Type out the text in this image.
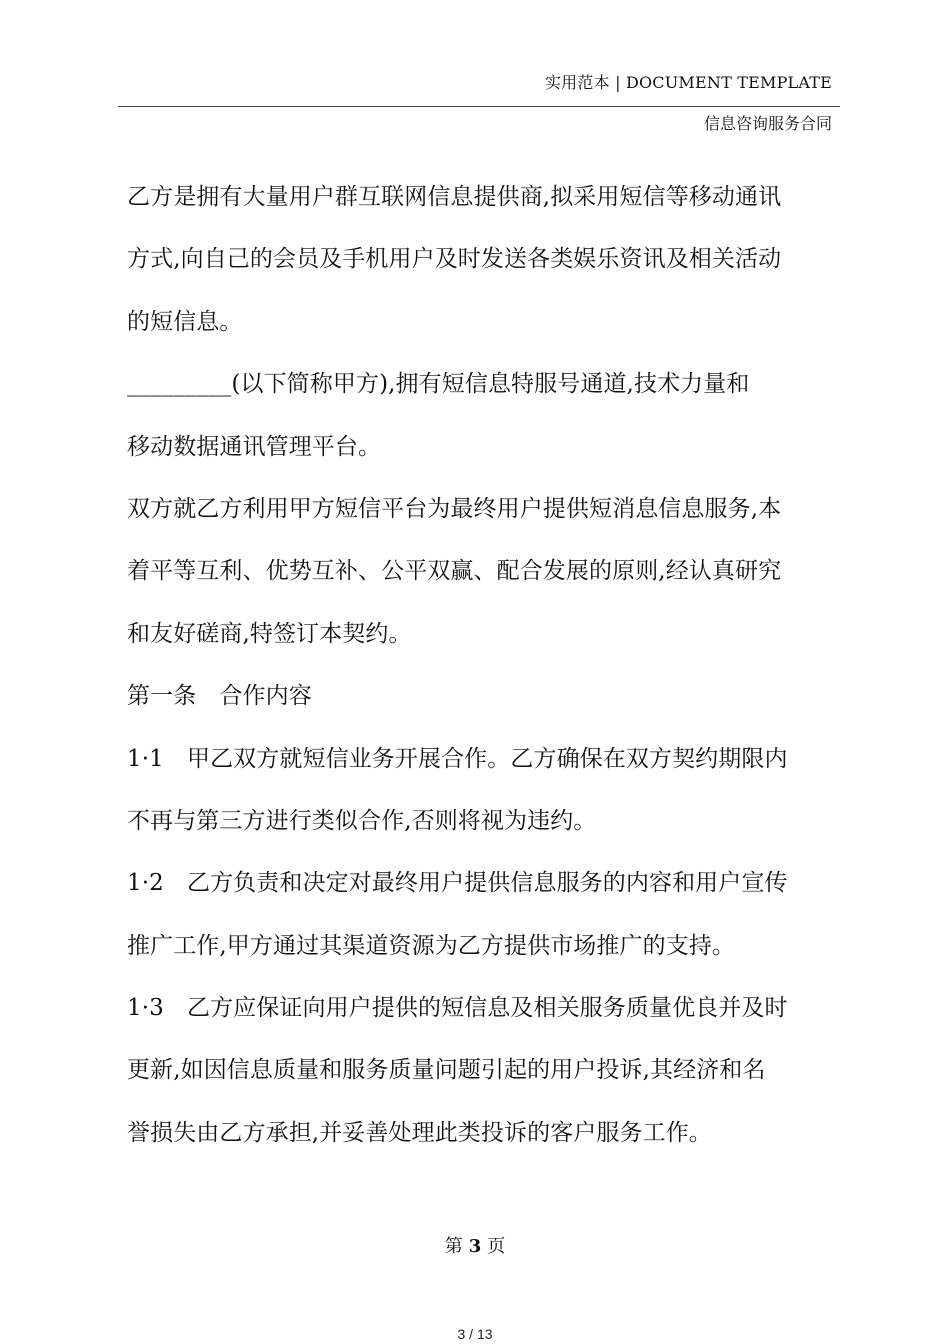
实用范本 | DOCUMENT TEMPLATE
信息咨询服务合同
乙方是拥有大量用户群互联网信息提供商,拟采用短信等移动通讯
方式,向自己的会员及手机用户及时发送各类娱乐资讯及相关活动
的短信息。
_________(以下简称甲方),拥有短信息特服号通道,技术力量和
移动数据通讯管理平台。
双方就乙方利用甲方短信平台为最终用户提供短消息信息服务,本
着平等互利、优势互补、公平双赢、配合发展的原则,经认真研究
和友好磋商,特签订本契约。
第一条　合作内容
1·1　甲乙双方就短信业务开展合作。乙方确保在双方契约期限内
不再与第三方进行类似合作,否则将视为违约。
1·2　乙方负责和决定对最终用户提供信息服务的内容和用户宣传
推广工作,甲方通过其渠道资源为乙方提供市场推广的支持。
1·3　乙方应保证向用户提供的短信息及相关服务质量优良并及时
更新,如因信息质量和服务质量问题引起的用户投诉,其经济和名
誉损失由乙方承担,并妥善处理此类投诉的客户服务工作。
第 3 页
3 / 13
